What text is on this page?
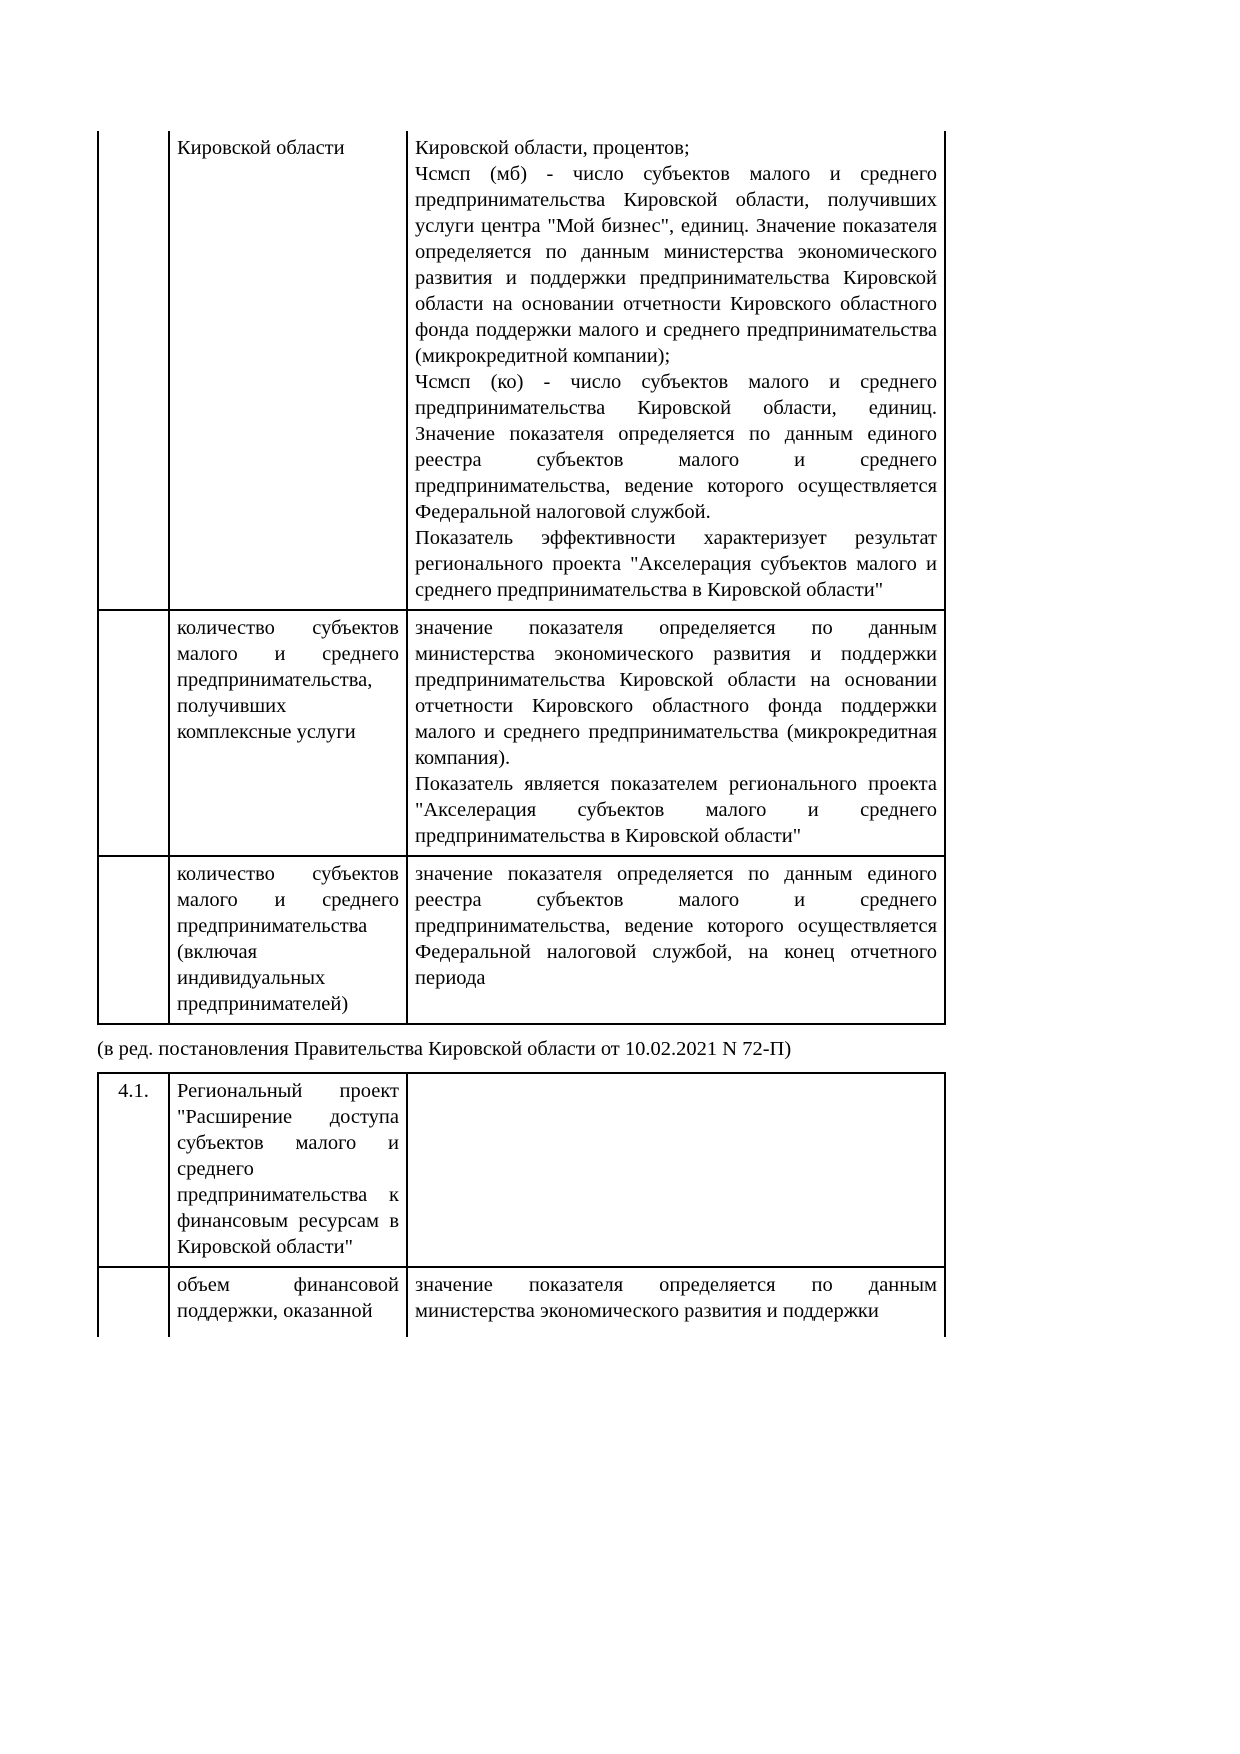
	Кировской области	Кировской области, процентов;
Чсмсп (мб) - число субъектов малого и среднего предпринимательства Кировской области, получивших услуги центра "Мой бизнес", единиц. Значение показателя определяется по данным министерства экономического развития и поддержки предпринимательства Кировской области на основании отчетности Кировского областного фонда поддержки малого и среднего предпринимательства (микрокредитной компании);
Чсмсп (ко) - число субъектов малого и среднего предпринимательства Кировской области, единиц. Значение показателя определяется по данным единого реестра субъектов малого и среднего предпринимательства, ведение которого осуществляется Федеральной налоговой службой.
Показатель эффективности характеризует результат регионального проекта "Акселерация субъектов малого и среднего предпринимательства в Кировской области"

	количество субъектов малого и среднего предпринимательства, получивших комплексные услуги	значение показателя определяется по данным министерства экономического развития и поддержки предпринимательства Кировской области на основании отчетности Кировского областного фонда поддержки малого и среднего предпринимательства (микрокредитная компания).
Показатель является показателем регионального проекта "Акселерация субъектов малого и среднего предпринимательства в Кировской области"

	количество субъектов малого и среднего предпринимательства (включая индивидуальных предпринимателей)	значение показателя определяется по данным единого реестра субъектов малого и среднего предпринимательства, ведение которого осуществляется Федеральной налоговой службой, на конец отчетного периода

(в ред. постановления Правительства Кировской области от 10.02.2021 N 72-П)

4.1.	Региональный проект "Расширение доступа субъектов малого и среднего предпринимательства к финансовым ресурсам в Кировской области"	

	объем финансовой поддержки, оказанной	значение показателя определяется по данным министерства экономического развития и поддержки
